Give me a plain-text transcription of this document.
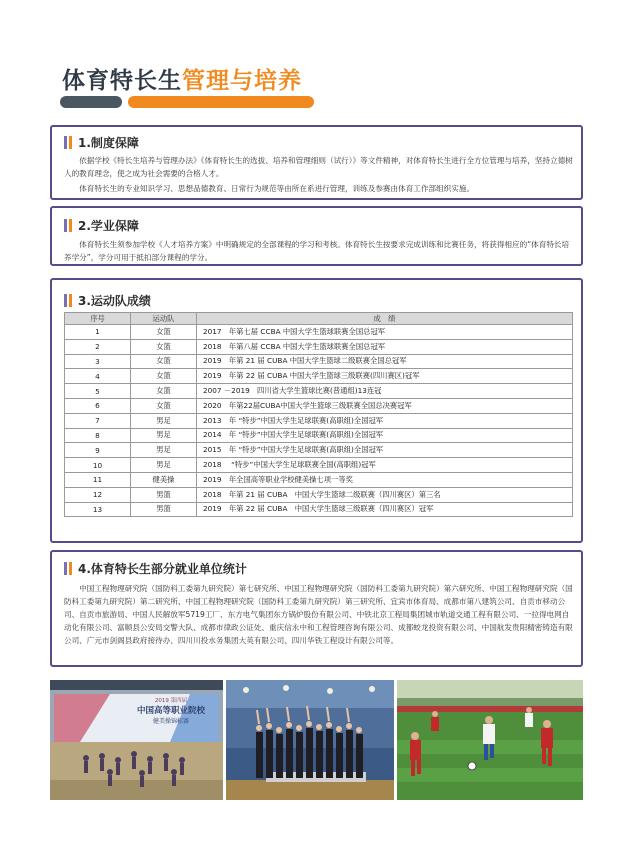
体育特长生管理与培养
1.制度保障
依据学校《特长生培养与管理办法》《体育特长生的选拔、培养和管理细则（试行）》等文件精神，对体育特长生进行全方位管理与培养，坚持立德树人的教育理念，使之成为社会需要的合格人才。
体育特长生的专业知识学习、思想品德教育、日常行为规范等由所在系进行管理，训练及参赛由体育工作部组织实施。
2.学业保障
体育特长生须参加学校《人才培养方案》中明确规定的全部课程的学习和考核。体育特长生按要求完成训练和比赛任务，将获得相应的“体育特长培养学分”，学分可用于抵扣部分课程的学分。
3.运动队成绩
序号	运动队	成　绩
1	女篮	2017　年第七届 CCBA 中国大学生篮球联赛全国总冠军
2	女篮	2018　年第八届 CCBA 中国大学生篮球联赛全国总冠军
3	女篮	2019　年第 21 届 CUBA 中国大学生篮球二级联赛全国总冠军
4	女篮	2019　年第 22 届 CUBA 中国大学生篮球三级联赛(四川赛区)冠军
5	女篮	2007 －2019　四川省大学生篮球比赛(普通组)13连冠
6	女篮	2020　年第22届CUBA中国大学生篮球三级联赛全国总决赛冠军
7	男足	2013　年 “特步”中国大学生足球联赛(高职组)全国冠军
8	男足	2014　年 “特步”中国大学生足球联赛(高职组)全国冠军
9	男足	2015　年 “特步”中国大学生足球联赛(高职组)全国冠军
10	男足	2018　 “特步”中国大学生足球联赛全国(高职组)冠军
11	健美操	2019　年全国高等职业学校健美操七项一等奖
12	男篮	2018　年第 21 届 CUBA　中国大学生篮球二级联赛（四川赛区）第三名
13	男篮	2019　年第 22 届 CUBA　中国大学生篮球三级联赛（四川赛区）冠军
4.体育特长生部分就业单位统计
中国工程物理研究院（国防科工委第九研究院）第七研究所、中国工程物理研究院（国防科工委第九研究院）第六研究所、中国工程物理研究院（国防科工委第九研究院）第二研究所、中国工程物理研究院（国防科工委第九研究院）第三研究所、宜宾市体育局、成都市第八建筑公司、自贡市移动公司、自贡市旅游局、中国人民解放军5719工厂、东方电气集团东方锅炉股份有限公司、中铁北京工程局集团城市轨道交通工程有限公司、一拉得电网自动化有限公司、富顺县公安局交警大队、成都市律政公证处、重庆信永中和工程管理咨询有限公司、成都蛟龙投资有限公司、中国航发贵阳精密铸造有限公司、广元市剑阁县政府接待办、四川川投水务集团大英有限公司、四川华铁工程设计有限公司等。
2019 第四届
中国高等职业院校
健美操锦标赛
